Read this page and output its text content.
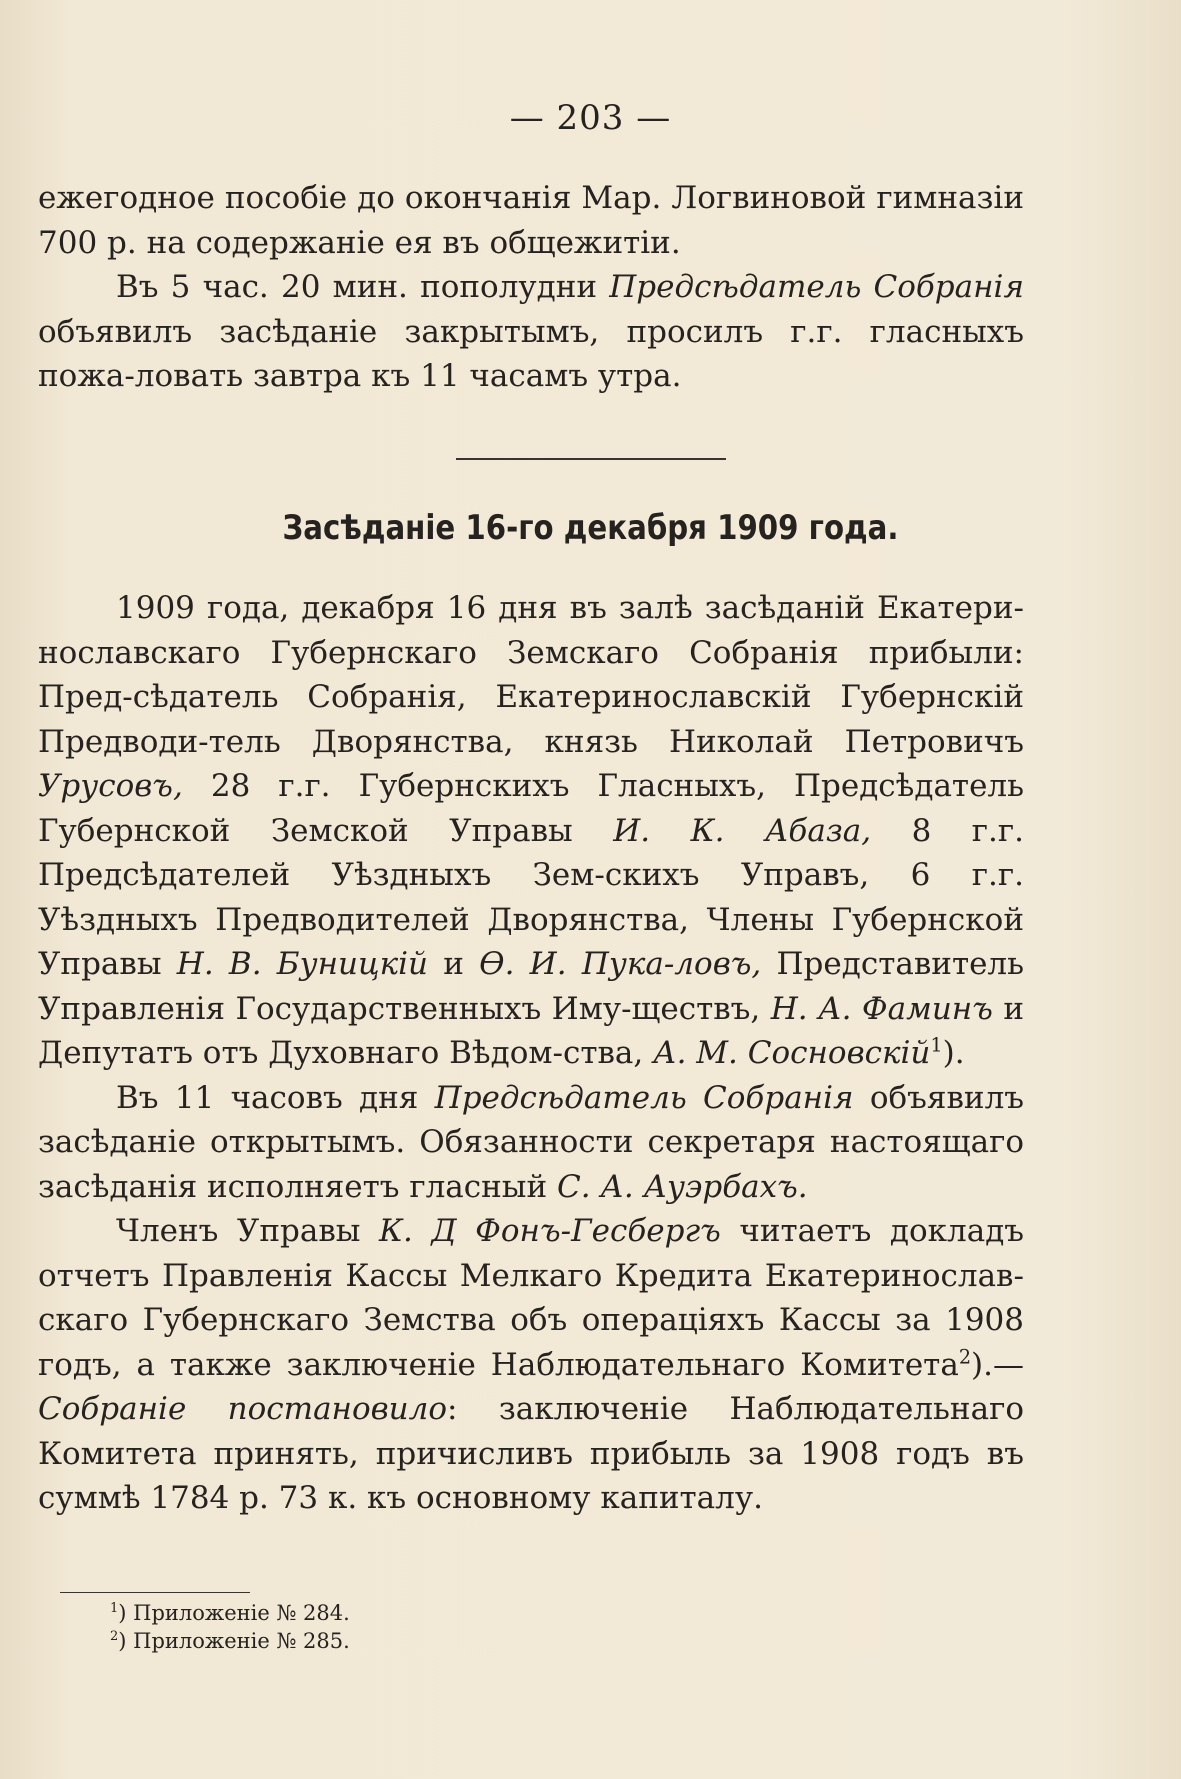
— 203 —

ежегодное пособіе до окончанія Мар. Логвиновой гимназіи 700 р. на содержаніе ея въ общежитіи.

Въ 5 час. 20 мин. пополудни Предсѣдатель Собранія объявилъ засѣданіе закрытымъ, просилъ г.г. гласныхъ пожа-ловать завтра къ 11 часамъ утра.

Засѣданіе 16-го декабря 1909 года.

1909 года, декабря 16 дня въ залѣ засѣданій Екатери-нославскаго Губернскаго Земскаго Собранія прибыли: Пред-сѣдатель Собранія, Екатеринославскій Губернскій Предводи-тель Дворянства, князь Николай Петровичъ Урусовъ, 28 г.г. Губернскихъ Гласныхъ, Предсѣдатель Губернской Земской Управы И. К. Абаза, 8 г.г. Предсѣдателей Уѣздныхъ Зем-скихъ Управъ, 6 г.г. Уѣздныхъ Предводителей Дворянства, Члены Губернской Управы Н. В. Буницкій и Ѳ. И. Пука-ловъ, Представитель Управленія Государственныхъ Иму-ществъ, Н. А. Фаминъ и Депутатъ отъ Духовнаго Вѣдом-ства, А. М. Сосновскій$^1$).

Въ 11 часовъ дня Предсѣдатель Собранія объявилъ засѣданіе открытымъ. Обязанности секретаря настоящаго засѣданія исполняетъ гласный С. А. Ауэрбахъ.

Членъ Управы К. Д Фонъ-Гесбергъ читаетъ докладъ отчетъ Правленія Кассы Мелкаго Кредита Екатеринослав-скаго Губернскаго Земства объ операціяхъ Кассы за 1908 годъ, а также заключеніе Наблюдательнаго Комитета$^2$).— Собраніе постановило: заключеніе Наблюдательнаго Комитета принять, причисливъ прибыль за 1908 годъ въ суммѣ 1784 р. 73 к. къ основному капиталу.

$^1$) Приложеніе № 284.
$^2$) Приложеніе № 285.
